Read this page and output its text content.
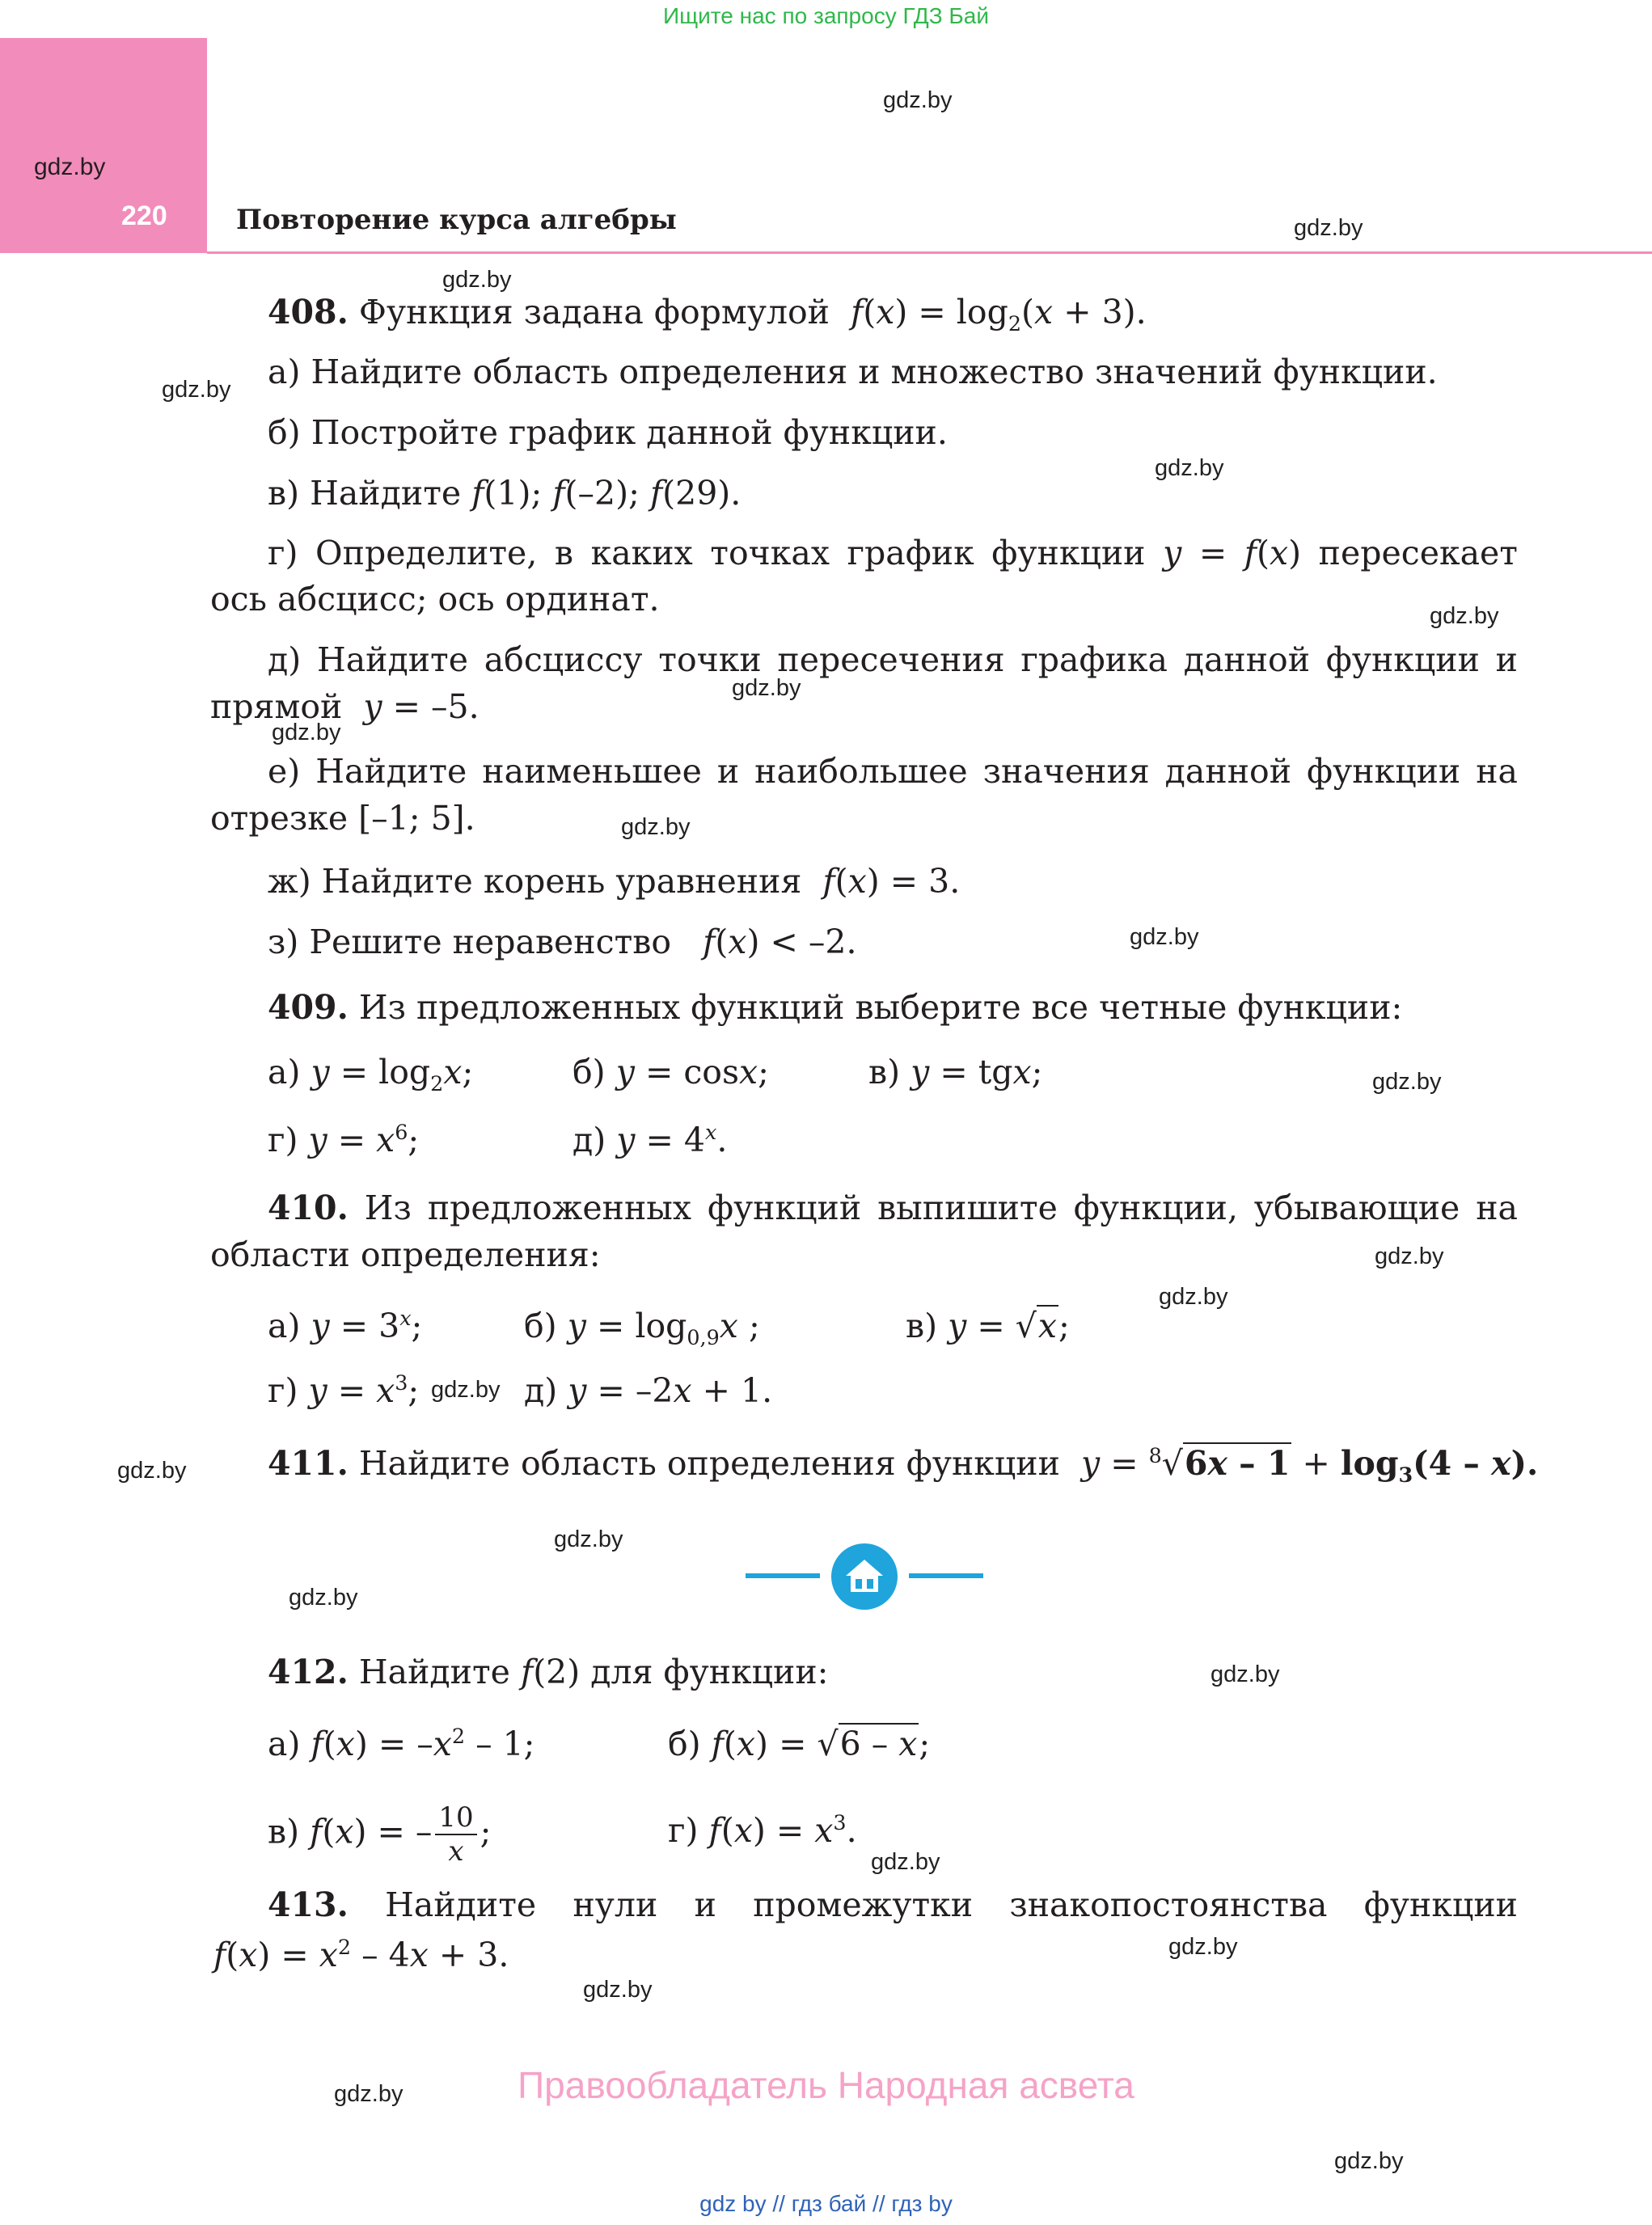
Ищите нас по запросу ГДЗ Бай
gdz.by
220	Повторение курса алгебры
gdz.by
gdz.by
gdz.by
gdz.by
gdz.by
gdz.by
gdz.by
gdz.by
gdz.by
gdz.by
gdz.by
gdz.by
gdz.by
gdz.by
gdz.by
gdz.by
gdz.by
gdz.by
gdz.by
gdz.by
gdz.by
gdz.by
408. Функция задана формулой $f(x) = \log_2(x + 3)$.
а) Найдите область определения и множество значений функции.
б) Постройте график данной функции.
в) Найдите f(1); f(–2); f(29).
г) Определите, в каких точках график функции y = f(x) пересекает
ось абсцисс; ось ординат.
д) Найдите абсциссу точки пересечения графика данной функции и
прямой y = –5.
е) Найдите наименьшее и наибольшее значения данной функции на
отрезке [–1; 5].
ж) Найдите корень уравнения f(x) = 3.
з) Решите неравенство f(x) < –2.
409. Из предложенных функций выберите все четные функции:
а) $y = \log_2x$;	б) y = cosx;	в) y = tgx;
г) $y = x^6$;	д) $y = 4^x$.
410. Из предложенных функций выпишите функции, убывающие на
области определения:
а) $y = 3^x$;	б) $y = \log_{0,9}x$ ;	в) y = √x;
г) $y = x^3$; gdz.by д) y = –2x + 1.
411. Найдите область определения функции $y = ^8√6x - 1 + \log_3(4 - x)$.
412. Найдите f(2) для функции:
а) $f(x) = -x^2 - 1$;	б) f(x) = √6 – x;
в) f(x) = – $\frac{10}{x}$ ;	г) $f(x) = x^3$.
413. Найдите нули и промежутки знакопостоянства функции
$f(x) = x^2 - 4x + 3$.
Правообладатель Народная асвета
gdz by // гдз бай // гдз by
